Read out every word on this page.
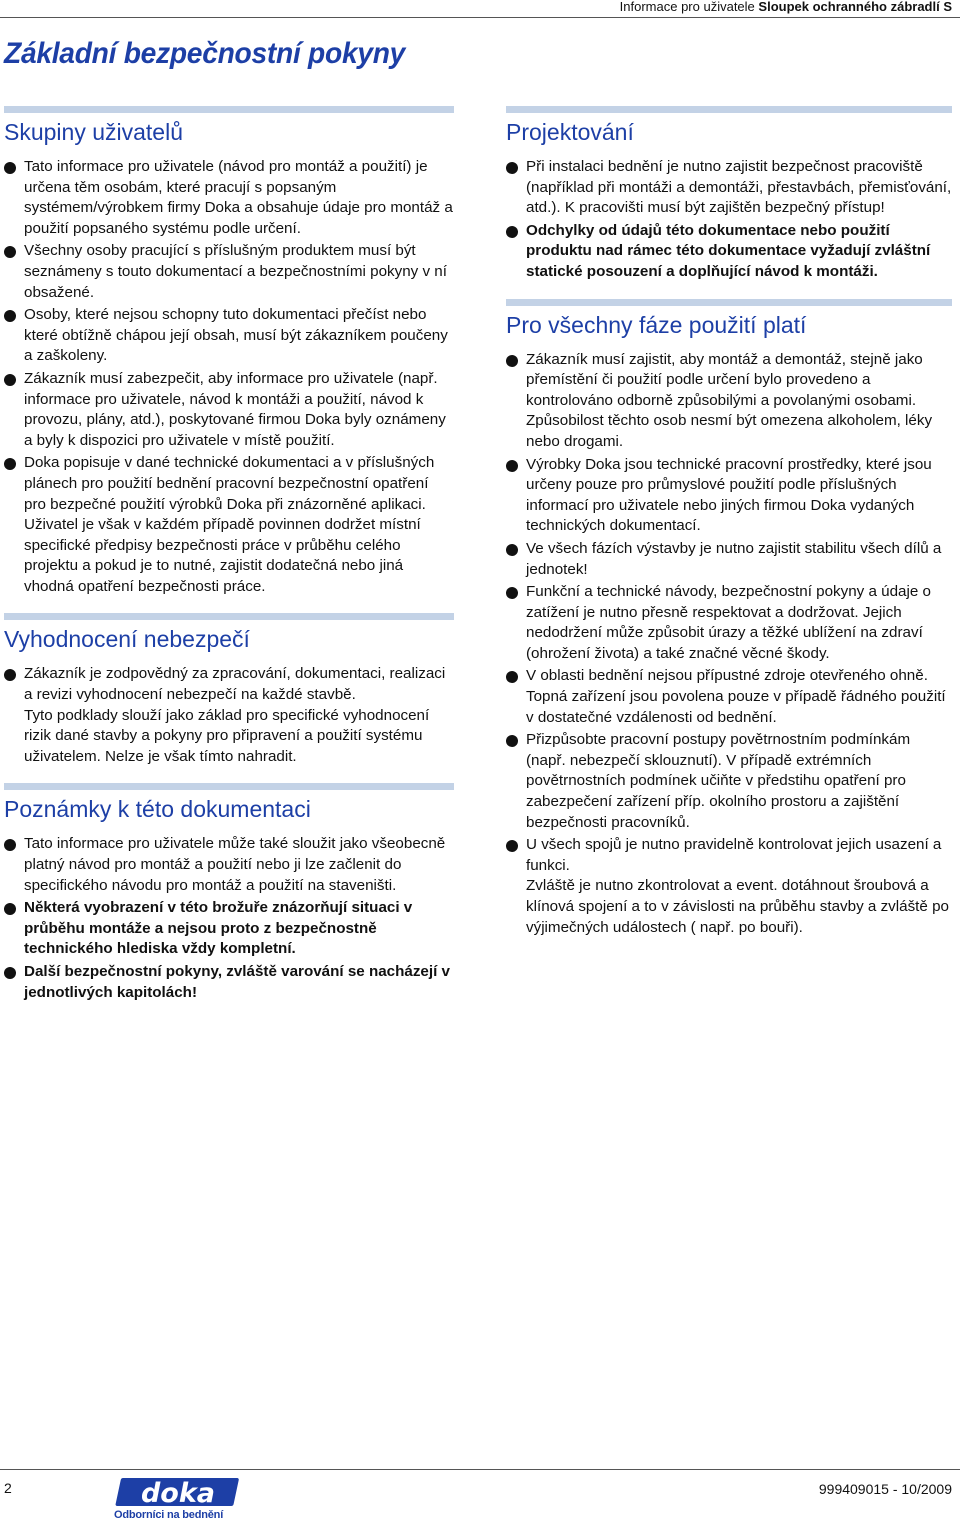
Informace pro uživatele Sloupek ochranného zábradlí S
Základní bezpečnostní pokyny
Skupiny uživatelů

Tato informace pro uživatele (návod pro montáž a použití) je určena těm osobám, které pracují s popsaným systémem/výrobkem firmy Doka a obsahuje údaje pro montáž a použití popsaného systému podle určení.

Všechny osoby pracující s příslušným produktem musí být seznámeny s touto dokumentací a bezpečnostními pokyny v ní obsažené.

Osoby, které nejsou schopny tuto dokumentaci přečíst nebo které obtížně chápou její obsah, musí být zákazníkem poučeny a zaškoleny.

Zákazník musí zabezpečit, aby informace pro uživatele (např. informace pro uživatele, návod k montáži a použití, návod k provozu, plány, atd.), poskytované firmou Doka byly oznámeny a byly k dispozici pro uživatele v místě použití.

Doka popisuje v dané technické dokumentaci a v příslušných plánech pro použití bednění pracovní bezpečnostní opatření pro bezpečné použití výrobků Doka při znázorněné aplikaci.

Uživatel je však v každém případě povinnen dodržet místní specifické předpisy bezpečnosti práce v průběhu celého projektu a pokud je to nutné, zajistit dodatečná nebo jiná vhodná opatření bezpečnosti práce.

Vyhodnocení nebezpečí

Zákazník je zodpovědný za zpracování, dokumentaci, realizaci a revizi vyhodnocení nebezpečí na každé stavbě.

Tyto podklady slouží jako základ pro specifické vyhodnocení rizik dané stavby a pokyny pro připravení a použití systému uživatelem. Nelze je však tímto nahradit.

Poznámky k této dokumentaci

Tato informace pro uživatele může také sloužit jako všeobecně platný návod pro montáž a použití nebo ji lze začlenit do specifického návodu pro montáž a použití na staveništi.

Některá vyobrazení v této brožuře znázorňují situaci v průběhu montáže a nejsou proto z bezpečnostně technického hlediska vždy kompletní.

Další bezpečnostní pokyny, zvláště varování se nacházejí v jednotlivých kapitolách!

Projektování

Při instalaci bednění je nutno zajistit bezpečnost pracoviště (například při montáži a demontáži, přestavbách, přemisťování, atd.). K pracovišti musí být zajištěn bezpečný přístup!

Odchylky od údajů této dokumentace nebo použití produktu nad rámec této dokumentace vyžadují zvláštní statické posouzení a doplňující návod k montáži.

Pro všechny fáze použití platí

Zákazník musí zajistit, aby montáž a demontáž, stejně jako přemístění či použití podle určení bylo provedeno a kontrolováno odborně způsobilými a povolanými osobami.

Způsobilost těchto osob nesmí být omezena alkoholem, léky nebo drogami.

Výrobky Doka jsou technické pracovní prostředky, které jsou určeny pouze pro průmyslové použití podle příslušných informací pro uživatele nebo jiných firmou Doka vydaných technických dokumentací.

Ve všech fázích výstavby je nutno zajistit stabilitu všech dílů a jednotek!

Funkční a technické návody, bezpečnostní pokyny a údaje o zatížení je nutno přesně respektovat a dodržovat. Jejich nedodržení může způsobit úrazy a těžké ublížení na zdraví (ohrožení života) a také značné věcné škody.

V oblasti bednění nejsou přípustné zdroje otevřeného ohně. Topná zařízení jsou povolena pouze v případě řádného použití v dostatečné vzdálenosti od bednění.

Přizpůsobte pracovní postupy povětrnostním podmínkám (např. nebezpečí sklouznutí). V případě extrémních povětrnostních podmínek učiňte v předstihu opatření pro zabezpečení zařízení příp. okolního prostoru a zajištění bezpečnosti pracovníků.

U všech spojů je nutno pravidelně kontrolovat jejich usazení a funkci.

Zvláště je nutno zkontrolovat a event. dotáhnout šroubová a klínová spojení a to v závislosti na průběhu stavby a zvláště po výjimečných událostech ( např. po bouři).

2	doka
Odborníci na bednění
999409015 - 10/2009
